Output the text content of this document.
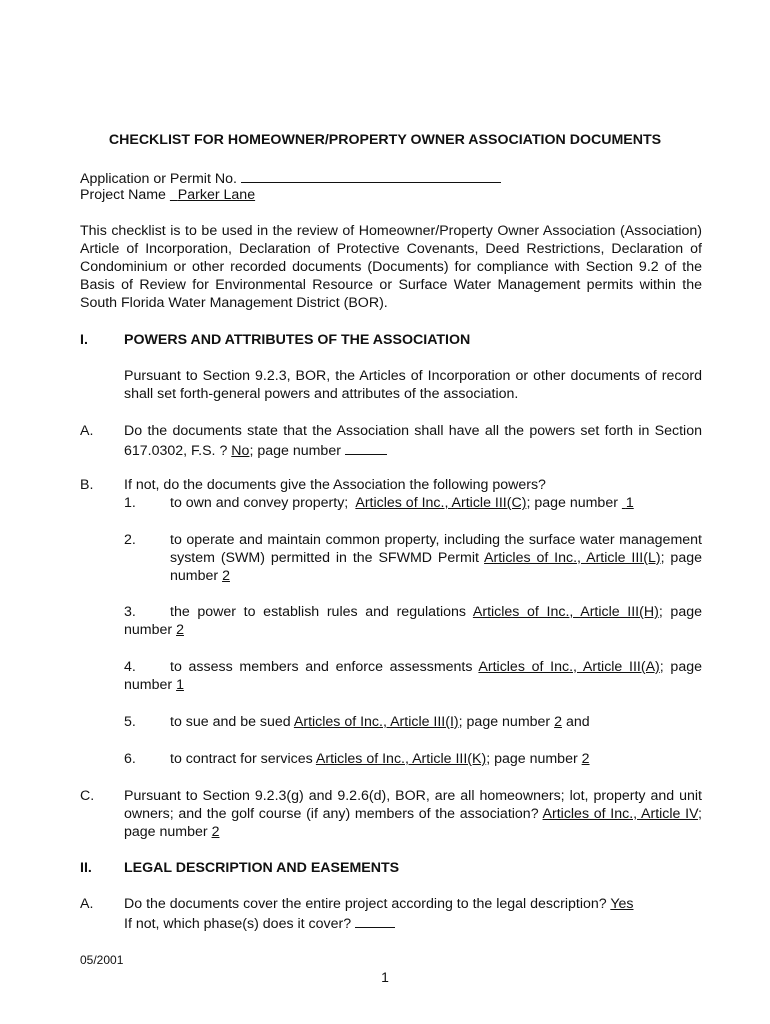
CHECKLIST FOR HOMEOWNER/PROPERTY OWNER ASSOCIATION DOCUMENTS
Application or Permit No.
Project Name Parker Lane
This checklist is to be used in the review of Homeowner/Property Owner Association (Association) Article of Incorporation, Declaration of Protective Covenants, Deed Restrictions, Declaration of Condominium or other recorded documents (Documents) for compliance with Section 9.2 of the Basis of Review for Environmental Resource or Surface Water Management permits within the South Florida Water Management District (BOR).
I.	POWERS AND ATTRIBUTES OF THE ASSOCIATION
Pursuant to Section 9.2.3, BOR, the Articles of Incorporation or other documents of record shall set forth-general powers and attributes of the association.
A. Do the documents state that the Association shall have all the powers set forth in Section 617.0302, F.S. ? No; page number
B. If not, do the documents give the Association the following powers?
1. to own and convey property; Articles of Inc., Article III(C); page number 1
2. to operate and maintain common property, including the surface water management system (SWM) permitted in the SFWMD Permit Articles of Inc., Article III(L); page number 2
3. the power to establish rules and regulations Articles of Inc., Article III(H); page number 2
4. to assess members and enforce assessments Articles of Inc., Article III(A); page number 1
5. to sue and be sued Articles of Inc., Article III(I); page number 2 and
6. to contract for services Articles of Inc., Article III(K); page number 2
C. Pursuant to Section 9.2.3(g) and 9.2.6(d), BOR, are all homeowners; lot, property and unit owners; and the golf course (if any) members of the association? Articles of Inc., Article IV; page number 2
II. LEGAL DESCRIPTION AND EASEMENTS
A. Do the documents cover the entire project according to the legal description? Yes
If not, which phase(s) does it cover?
05/2001
1
